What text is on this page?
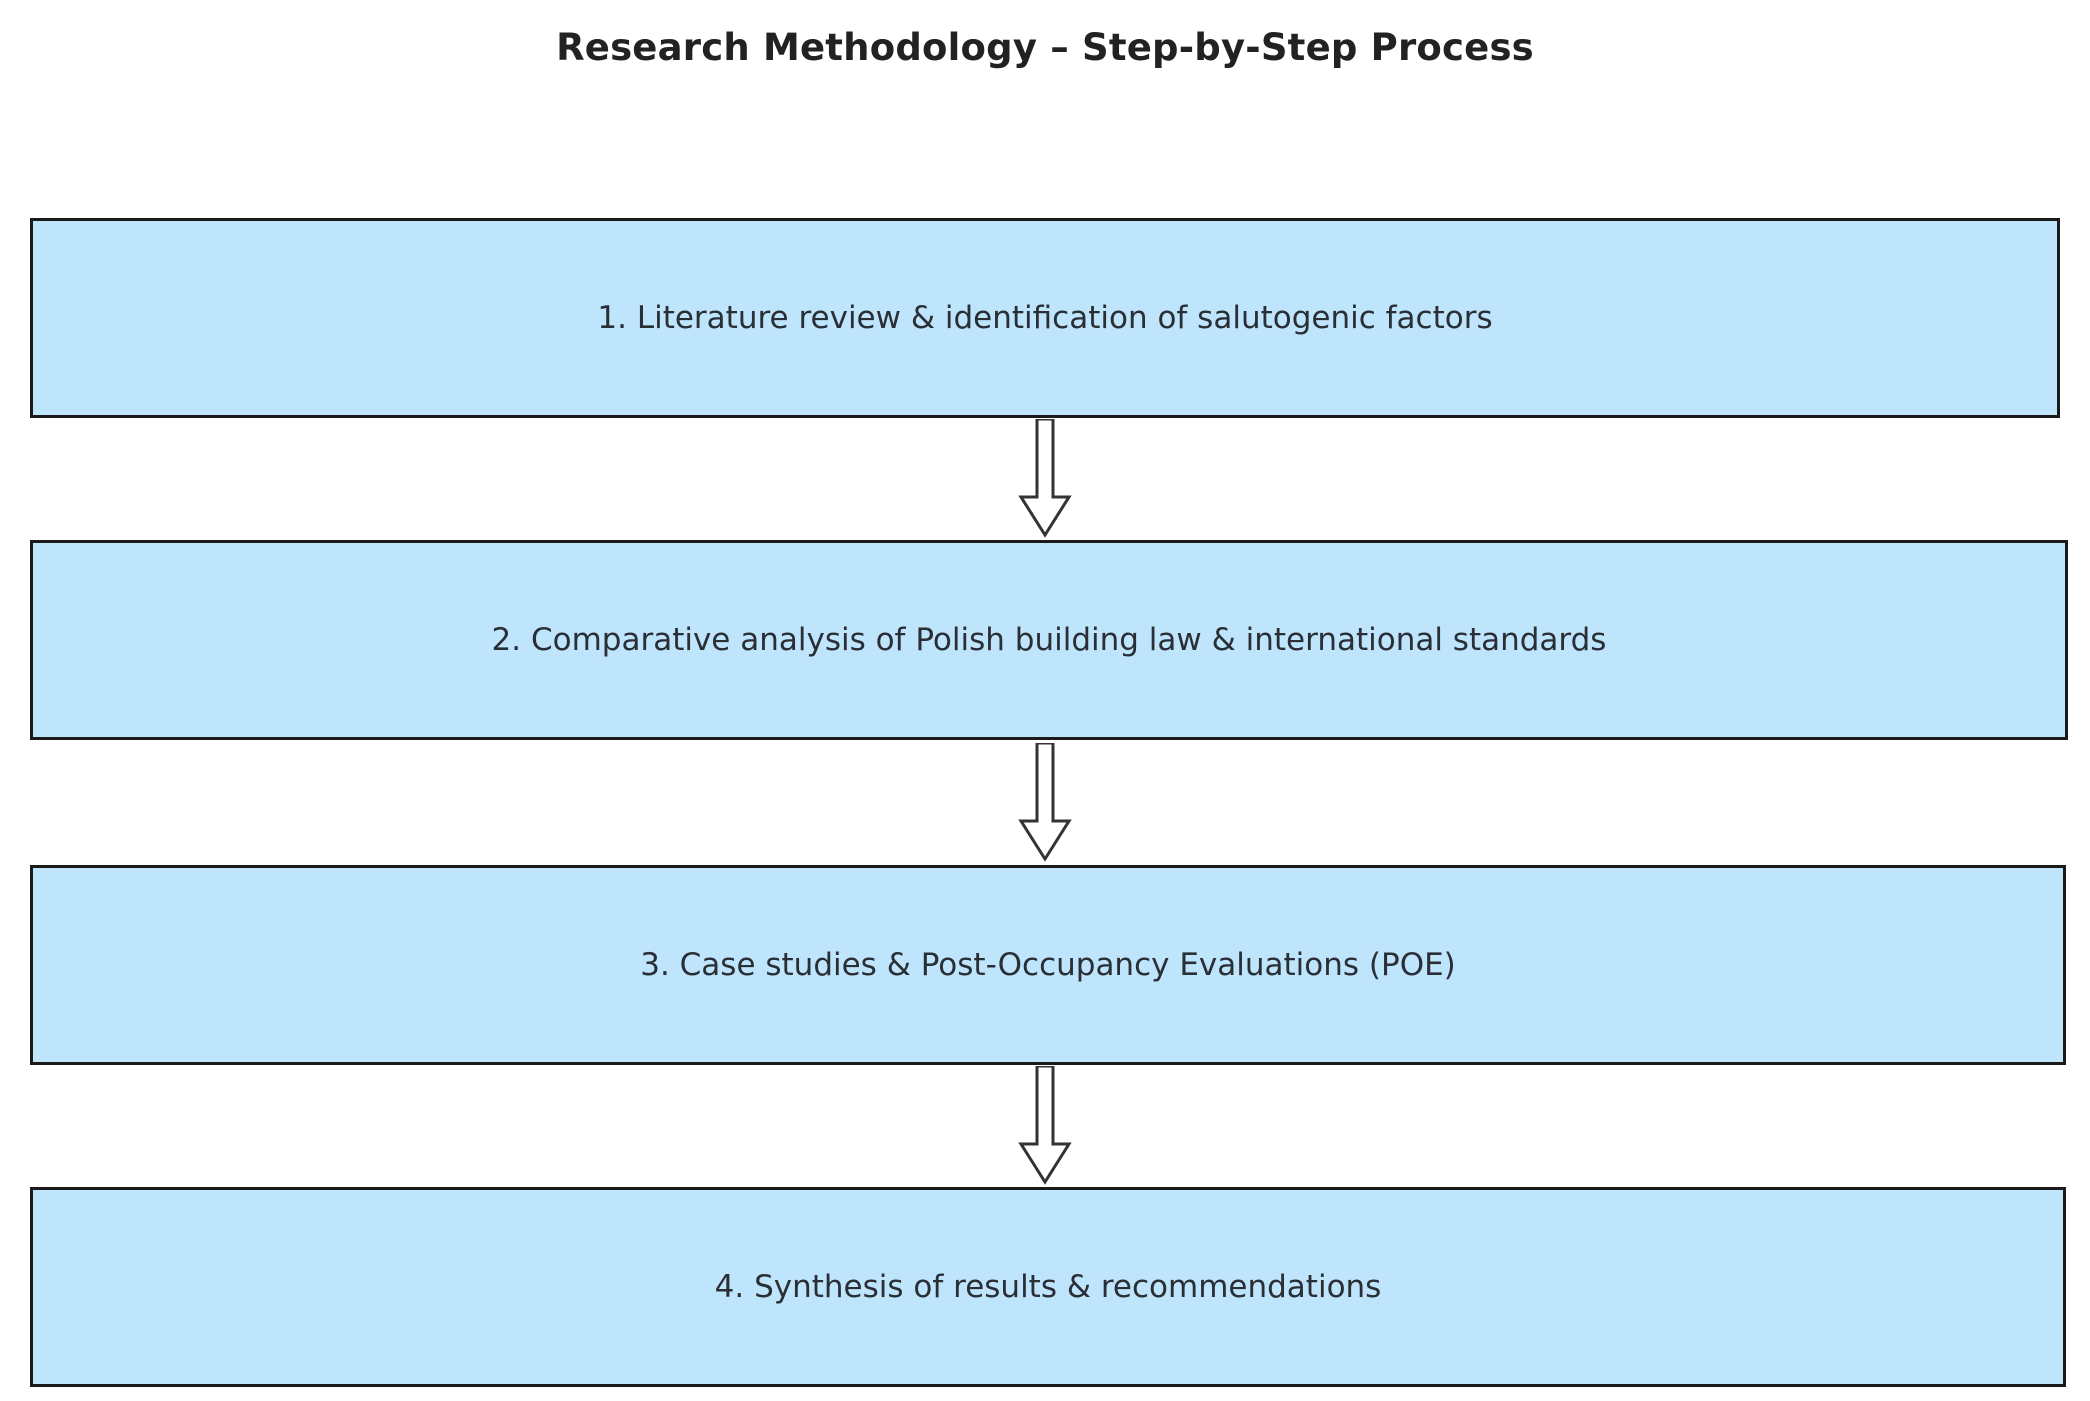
Research Methodology – Step-by-Step Process
1. Literature review & identification of salutogenic factors
2. Comparative analysis of Polish building law & international standards
3. Case studies & Post-Occupancy Evaluations (POE)
4. Synthesis of results & recommendations
